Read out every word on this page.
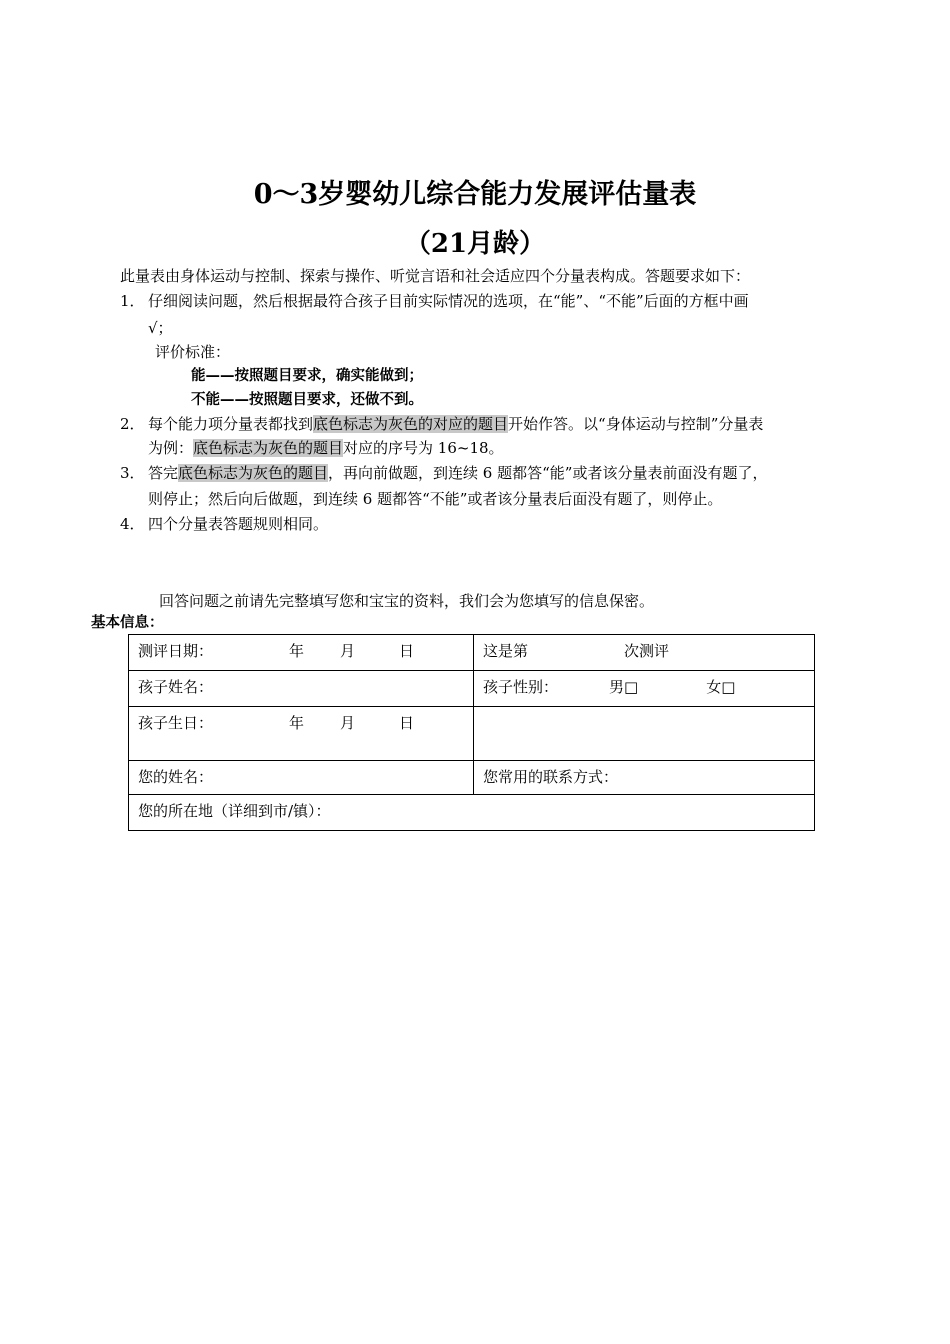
0～3岁婴幼儿综合能力发展评估量表
（21月龄）
此量表由身体运动与控制、探索与操作、听觉言语和社会适应四个分量表构成。答题要求如下：
1． 仔细阅读问题，然后根据最符合孩子目前实际情况的选项，在“能”、“不能”后面的方框中画
√；
评价标准：
能——按照题目要求，确实能做到；
不能——按照题目要求，还做不到。
2． 每个能力项分量表都找到底色标志为灰色的对应的题目开始作答。以“身体运动与控制”分量表
为例：底色标志为灰色的题目对应的序号为 16~18。
3． 答完底色标志为灰色的题目，再向前做题，到连续 6 题都答“能”或者该分量表前面没有题了，
则停止；然后向后做题，到连续 6 题都答“不能”或者该分量表后面没有题了，则停止。
4． 四个分量表答题规则相同。
回答问题之前请先完整填写您和宝宝的资料，我们会为您填写的信息保密。
基本信息：
测评日期： 年 月 日	这是第 次测评
孩子姓名：	孩子性别： 男□ 女□
孩子生日： 年 月 日	
您的姓名：	您常用的联系方式：
您的所在地（详细到市/镇）：	
